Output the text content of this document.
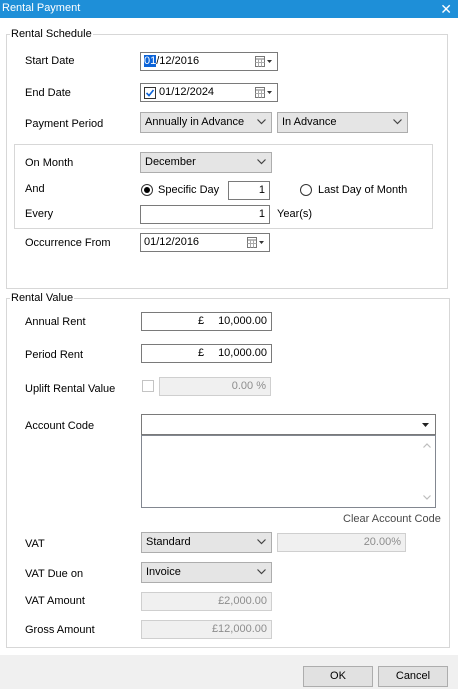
Rental Payment	✕
Rental Schedule
Start Date	01/12/2016
End Date	01/12/2024
Payment Period	Annually in Advance	In Advance
On Month	December
And	Specific Day	1	Last Day of Month
Every	1	Year(s)
Occurrence From	01/12/2016
Rental Value
Annual Rent	£ 10,000.00
Period Rent	£ 10,000.00
Uplift Rental Value	0.00 %
Account Code
Clear Account Code
VAT	Standard	20.00%
VAT Due on	Invoice
VAT Amount	£2,000.00
Gross Amount	£12,000.00
OK	Cancel
